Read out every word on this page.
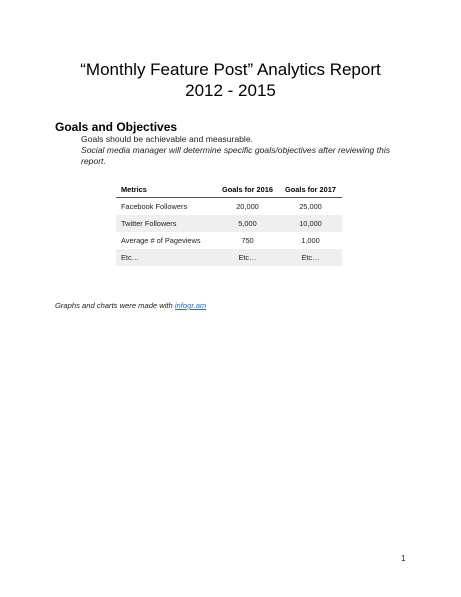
“Monthly Feature Post” Analytics Report
2012 - 2015
Goals and Objectives
Goals should be achievable and measurable.
Social media manager will determine specific goals/objectives after reviewing this report.
Metrics	Goals for 2016	Goals for 2017
Facebook Followers	20,000	25,000
Twitter Followers	5,000	10,000
Average # of Pageviews	750	1,000
Etc…	Etc…	Etc…
Graphs and charts were made with infogr.am
1
